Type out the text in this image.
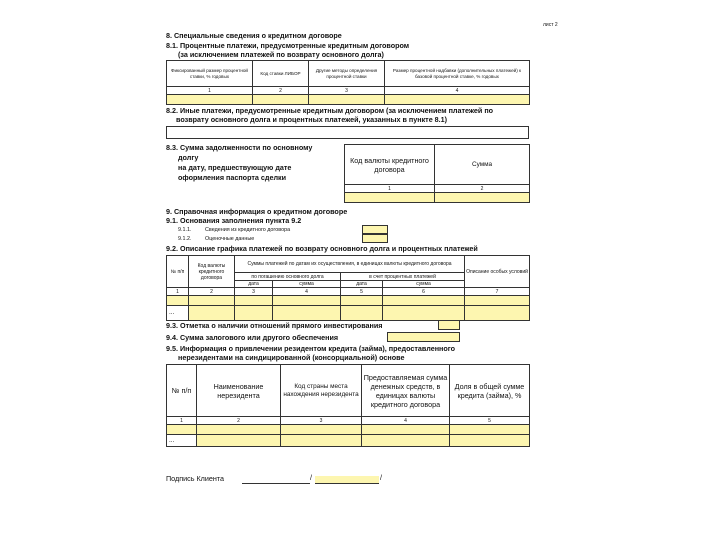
лист 2
8. Специальные сведения о кредитном договоре
8.1. Процентные платежи, предусмотренные кредитным договором
(за исключением платежей по возврату основного долга)
Фиксированный размер процентной ставки, % годовых	Код ставки ЛИБОР	Другие методы определения процентной ставки	Размер процентной надбавки (дополнительных платежей) к базовой процентной ставке, % годовых
1	2	3	4

8.2. Иные платежи, предусмотренные кредитным договором (за исключением платежей по
возврату основного долга и процентных платежей, указанных в пункте 8.1)
8.3. Сумма задолженности по основному
долгу
на дату, предшествующую дате
оформления паспорта сделки
Код валюты кредитного договора	Сумма
1	2

9. Справочная информация о кредитном договоре
9.1. Основания заполнения пункта 9.2
9.1.1.	Сведения из кредитного договора
9.1.2.	Оценочные данные
9.2. Описание графика платежей по возврату основного долга и процентных платежей
№ п/п	Код валюты кредитного договора	Суммы платежей по датам их осуществления, в единицах валюты кредитного договора				Описание особых условий
		по погашению основного долга		в счет процентных платежей		
		дата	сумма	дата	сумма	
1	2	3	4	5	6	7

...						
9.3. Отметка о наличии отношений прямого инвестирования
9.4. Сумма залогового или другого обеспечения
9.5. Информация о привлечении резидентом кредита (займа), предоставленного
нерезидентами на синдицированной (консорциальной) основе
№ п/п	Наименование нерезидента	Код страны места нахождения нерезидента	Предоставляемая сумма денежных средств, в единицах валюты кредитного договора	Доля в общей сумме кредита (займа), %
1	2	3	4	5

...				
Подпись Клиента	/	/
